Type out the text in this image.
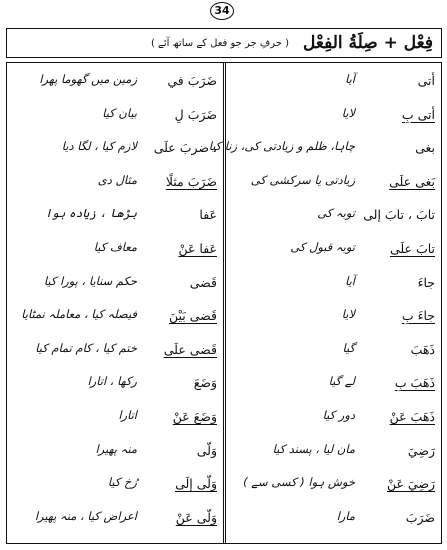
34
فِعْل + صِلَةُ الفِعْل
( حرفِ جر جو فعل کے ساتھ آئے )
أتى
آیا
أتى بِ
لایا
بغى
چاہا، ظلم و زیادتی کی، زنا کیا
بَغى علَى
زیادتی یا سرکشی کی
تابَ ، تابَ إلى
توبہ کی
تابَ علَى
توبہ قبول کی
جاءَ
آیا
جاءَ بِ
لایا
ذَهَبَ
گیا
ذَهَبَ بِ
لے گیا
ذَهَبَ عَنْ
دور کیا
رَضِيَ
مان لیا ، پسند کیا
رَضِيَ عَنْ
خوش ہوا ( کسی سے )
ضَرَبَ
مارا
ضَرَبَ في
زمین میں گھوما پھرا
ضَرَبَ لِ
بیان کیا
، ضربَ علَى
لازم کیا ، لگا دیا
ضَرَبَ مثلًا
مثال دی
عَفا
بڑھا ، زیادہ ہوا
عَفا عَنْ
معاف کیا
قَضى
حکم سنایا ، پورا کیا
قَضى بَيْنَ
فیصلہ کیا ، معاملہ نمٹایا
قَضى علَى
ختم کیا ، کام تمام کیا
وَضَعَ
رکھا ، اتارا
وَضَعَ عَنْ
اتارا
وَلّى
منہ پھیرا
وَلّى إلَى
رُخ کیا
وَلّى عَنْ
اعراض کیا ، منہ پھیرا
